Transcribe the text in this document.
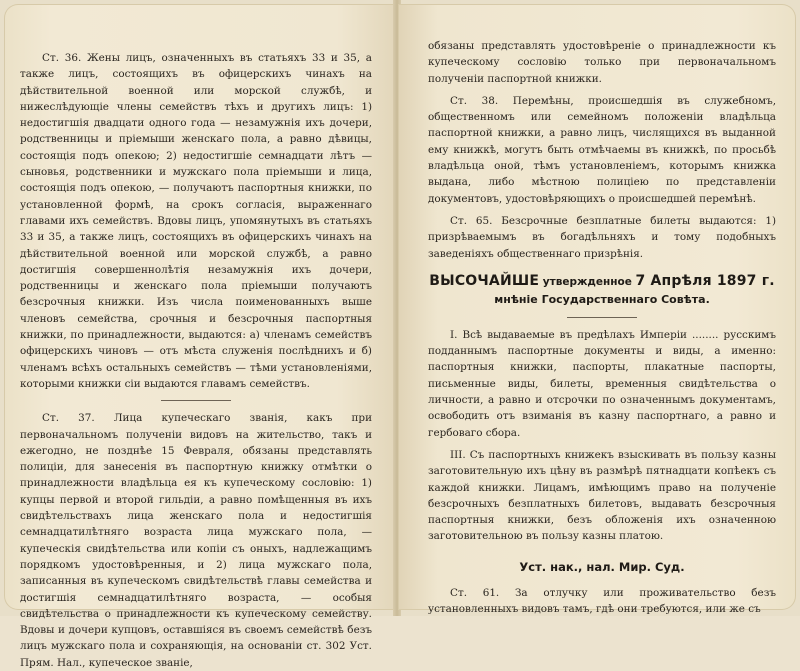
Ст. 36. Жены лицъ, означенныхъ въ статьяхъ 33 и 35, а также лицъ, состоящихъ въ офицерскихъ чинахъ на дѣйствительной военной или морской службѣ, и нижеслѣдующіе члены семействъ тѣхъ и другихъ лицъ: 1) недостигшія двадцати одного года — незамужнія ихъ дочери, родственницы и пріемыши женскаго пола, а равно дѣвицы, состоящія подъ опекою; 2) недостигшіе семнадцати лѣтъ — сыновья, родственники и мужскаго пола пріемыши и лица, состоящія подъ опекою, — получаютъ паспортныя книжки, по установленной формѣ, на срокъ согласія, выраженнаго главами ихъ семействъ. Вдовы лицъ, упомянутыхъ въ статьяхъ 33 и 35, а также лицъ, состоящихъ въ офицерскихъ чинахъ на дѣйствительной военной или морской службѣ, а равно достигшія совершеннолѣтія незамужнія ихъ дочери, родственницы и женскаго пола пріемыши получаютъ безсрочныя книжки. Изъ числа поименованныхъ выше членовъ семейства, срочныя и безсрочныя паспортныя книжки, по принадлежности, выдаются: а) членамъ семействъ офицерскихъ чиновъ — отъ мѣста служенія послѣднихъ и б) членамъ всѣхъ остальныхъ семействъ — тѣми установленіями, которыми книжки сіи выдаются главамъ семействъ.

Ст. 37. Лица купеческаго званія, какъ при первоначальномъ полученіи видовъ на жительство, такъ и ежегодно, не позднѣе 15 Февраля, обязаны представлять полиціи, для занесенія въ паспортную книжку отмѣтки о принадлежности владѣльца ея къ купеческому сословію: 1) купцы первой и второй гильдіи, а равно помѣщенныя въ ихъ свидѣтельствахъ лица женскаго пола и недостигшія семнадцатилѣтняго возраста лица мужскаго пола, — купеческія свидѣтельства или копіи съ оныхъ, надлежащимъ порядкомъ удостовѣренныя, и 2) лица мужскаго пола, записанныя въ купеческомъ свидѣтельствѣ главы семейства и достигшія семнадцатилѣтняго возраста, — особыя свидѣтельства о принадлежности къ купеческому семейству. Вдовы и дочери купцовъ, оставшіяся въ своемъ семействѣ безъ лицъ мужскаго пола и сохраняющія, на основаніи ст. 302 Уст. Прям. Нал., купеческое званіе,

обязаны представлять удостовѣреніе о принадлежности къ купеческому сословію только при первоначальномъ полученіи паспортной книжки.

Ст. 38. Перемѣны, происшедшія въ служебномъ, общественномъ или семейномъ положеніи владѣльца паспортной книжки, а равно лицъ, числящихся въ выданной ему книжкѣ, могутъ быть отмѣчаемы въ книжкѣ, по просьбѣ владѣльца оной, тѣмъ установленіемъ, которымъ книжка выдана, либо мѣстною полиціею по представленіи документовъ, удостовѣряющихъ о происшедшей перемѣнѣ.

Ст. 65. Безсрочные безплатные билеты выдаются: 1) призрѣваемымъ въ богадѣльняхъ и тому подобныхъ заведеніяхъ общественнаго призрѣнія.

ВЫСОЧАЙШЕ утвержденное 7 Апрѣля 1897 г.
мнѣніе Государственнаго Совѣта.

I. Всѣ выдаваемые въ предѣлахъ Имперіи ........ русскимъ подданнымъ паспортные документы и виды, а именно: паспортныя книжки, паспорты, плакатные паспорты, письменные виды, билеты, временныя свидѣтельства о личности, а равно и отсрочки по означеннымъ документамъ, освободить отъ взиманія въ казну паспортнаго, а равно и гербоваго сбора.

III. Съ паспортныхъ книжекъ взыскивать въ пользу казны заготовительную ихъ цѣну въ размѣрѣ пятнадцати копѣекъ съ каждой книжки. Лицамъ, имѣющимъ право на полученіе безсрочныхъ безплатныхъ билетовъ, выдавать безсрочныя паспортныя книжки, безъ обложенія ихъ означенною заготовительною въ пользу казны платою.

Уст. нак., нал. Мир. Суд.

Ст. 61. За отлучку или проживательство безъ установленныхъ видовъ тамъ, гдѣ они требуются, или же съ
